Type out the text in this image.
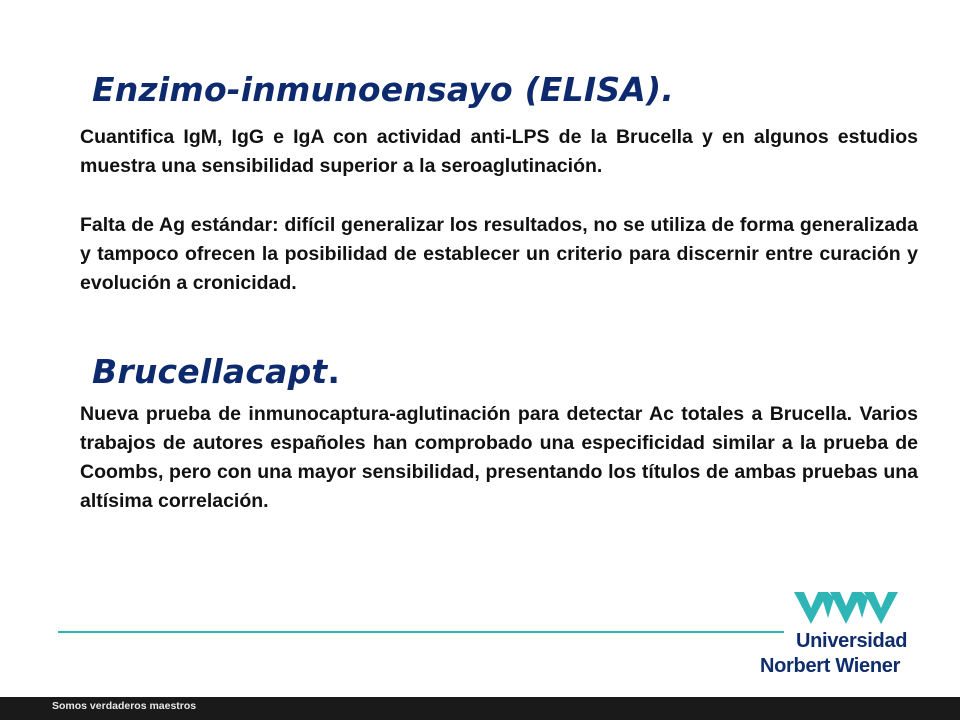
Enzimo-inmunoensayo (ELISA).

Cuantifica IgM, IgG e IgA con actividad anti-LPS de la Brucella y en algunos estudios muestra una sensibilidad superior a la seroaglutinación.

Falta de Ag estándar: difícil generalizar los resultados, no se utiliza de forma generalizada y tampoco ofrecen la posibilidad de establecer un criterio para discernir entre curación y evolución a cronicidad.

Brucellacapt.

Nueva prueba de inmunocaptura-aglutinación para detectar Ac totales a Brucella. Varios trabajos de autores españoles han comprobado una especificidad similar a la prueba de Coombs, pero con una mayor sensibilidad, presentando los títulos de ambas pruebas una altísima correlación.

Universidad
Norbert Wiener
Somos verdaderos maestros
